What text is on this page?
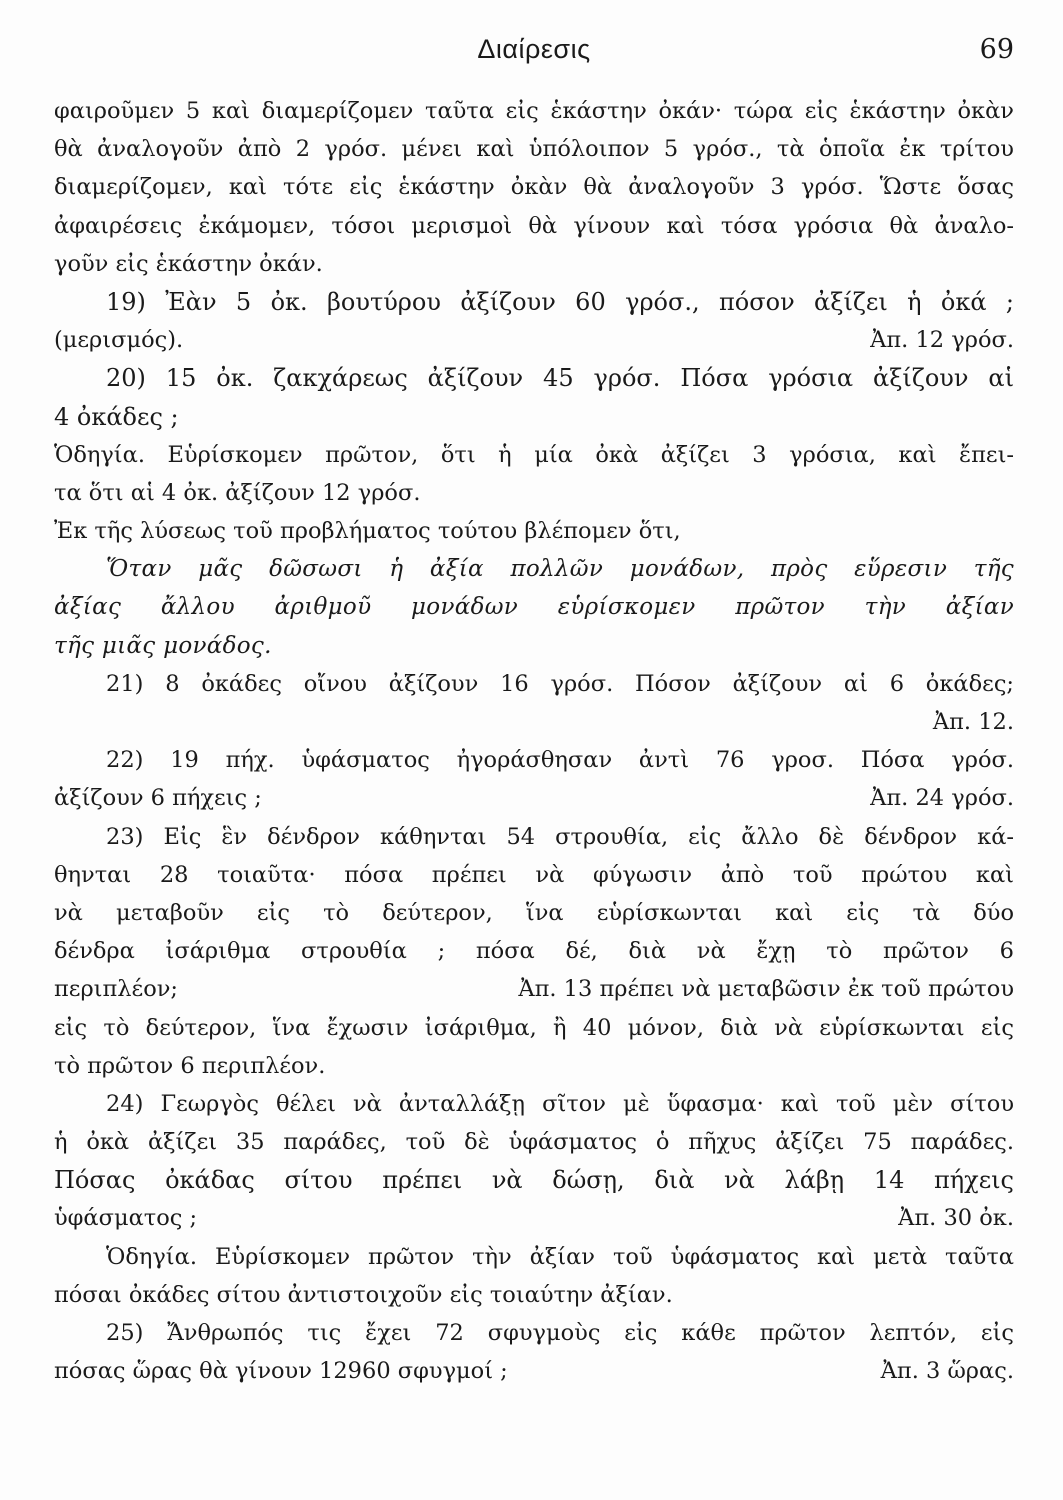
Διαίρεσις	69
φαιροῦμεν 5 καὶ διαμερίζομεν ταῦτα εἰς ἑκάστην ὀκάν· τώρα εἰς ἑκάστην ὀκὰν
θὰ ἀναλογοῦν ἀπὸ 2 γρόσ. μένει καὶ ὑπόλοιπον 5 γρόσ., τὰ ὁποῖα ἐκ τρίτου
διαμερίζομεν, καὶ τότε εἰς ἑκάστην ὀκὰν θὰ ἀναλογοῦν 3 γρόσ. Ὥστε ὅσας
ἀφαιρέσεις ἐκάμομεν, τόσοι μερισμοὶ θὰ γίνουν καὶ τόσα γρόσια θὰ ἀναλο-
γοῦν εἰς ἑκάστην ὀκάν.
19) Ἐὰν 5 ὀκ. βουτύρου ἀξίζουν 60 γρόσ., πόσον ἀξίζει ἡ ὀκά ;
(μερισμός).	Ἀπ. 12 γρόσ.
20) 15 ὀκ. ζακχάρεως ἀξίζουν 45 γρόσ. Πόσα γρόσια ἀξίζουν αἱ
4 ὀκάδες ;
Ὁδηγία. Εὑρίσκομεν πρῶτον, ὅτι ἡ μία ὀκὰ ἀξίζει 3 γρόσια, καὶ ἔπει-
τα ὅτι αἱ 4 ὀκ. ἀξίζουν 12 γρόσ.
Ἐκ τῆς λύσεως τοῦ προβλήματος τούτου βλέπομεν ὅτι,
Ὅταν μᾶς δῶσωσι ἡ ἀξία πολλῶν μονάδων, πρὸς εὕρεσιν τῆς
ἀξίας ἄλλου ἀριθμοῦ μονάδων εὑρίσκομεν πρῶτον τὴν ἀξίαν
τῆς μιᾶς μονάδος.
21) 8 ὀκάδες οἴνου ἀξίζουν 16 γρόσ. Πόσον ἀξίζουν αἱ 6 ὀκάδες;
Ἀπ. 12.
22) 19 πήχ. ὑφάσματος ἠγοράσθησαν ἀντὶ 76 γροσ. Πόσα γρόσ.
ἀξίζουν 6 πήχεις ;	Ἀπ. 24 γρόσ.
23) Εἰς ἓν δένδρον κάθηνται 54 στρουθία, εἰς ἄλλο δὲ δένδρον κά-
θηνται 28 τοιαῦτα· πόσα πρέπει νὰ φύγωσιν ἀπὸ τοῦ πρώτου καὶ
νὰ μεταβοῦν εἰς τὸ δεύτερον, ἵνα εὑρίσκωνται καὶ εἰς τὰ δύο
δένδρα ἰσάριθμα στρουθία ; πόσα δέ, διὰ νὰ ἔχῃ τὸ πρῶτον 6
περιπλέον;	Ἀπ. 13 πρέπει νὰ μεταβῶσιν ἐκ τοῦ πρώτου
εἰς τὸ δεύτερον, ἵνα ἔχωσιν ἰσάριθμα, ἢ 40 μόνον, διὰ νὰ εὑρίσκωνται εἰς
τὸ πρῶτον 6 περιπλέον.
24) Γεωργὸς θέλει νὰ ἀνταλλάξῃ σῖτον μὲ ὕφασμα· καὶ τοῦ μὲν σίτου
ἡ ὀκὰ ἀξίζει 35 παράδες, τοῦ δὲ ὑφάσματος ὁ πῆχυς ἀξίζει 75 παράδες.
Πόσας ὀκάδας σίτου πρέπει νὰ δώσῃ, διὰ νὰ λάβῃ 14 πήχεις
ὑφάσματος ;	Ἀπ. 30 ὀκ.
Ὁδηγία. Εὑρίσκομεν πρῶτον τὴν ἀξίαν τοῦ ὑφάσματος καὶ μετὰ ταῦτα
πόσαι ὀκάδες σίτου ἀντιστοιχοῦν εἰς τοιαύτην ἀξίαν.
25) Ἄνθρωπός τις ἔχει 72 σφυγμοὺς εἰς κάθε πρῶτον λεπτόν, εἰς
πόσας ὥρας θὰ γίνουν 12960 σφυγμοί ;	Ἀπ. 3 ὥρας.
